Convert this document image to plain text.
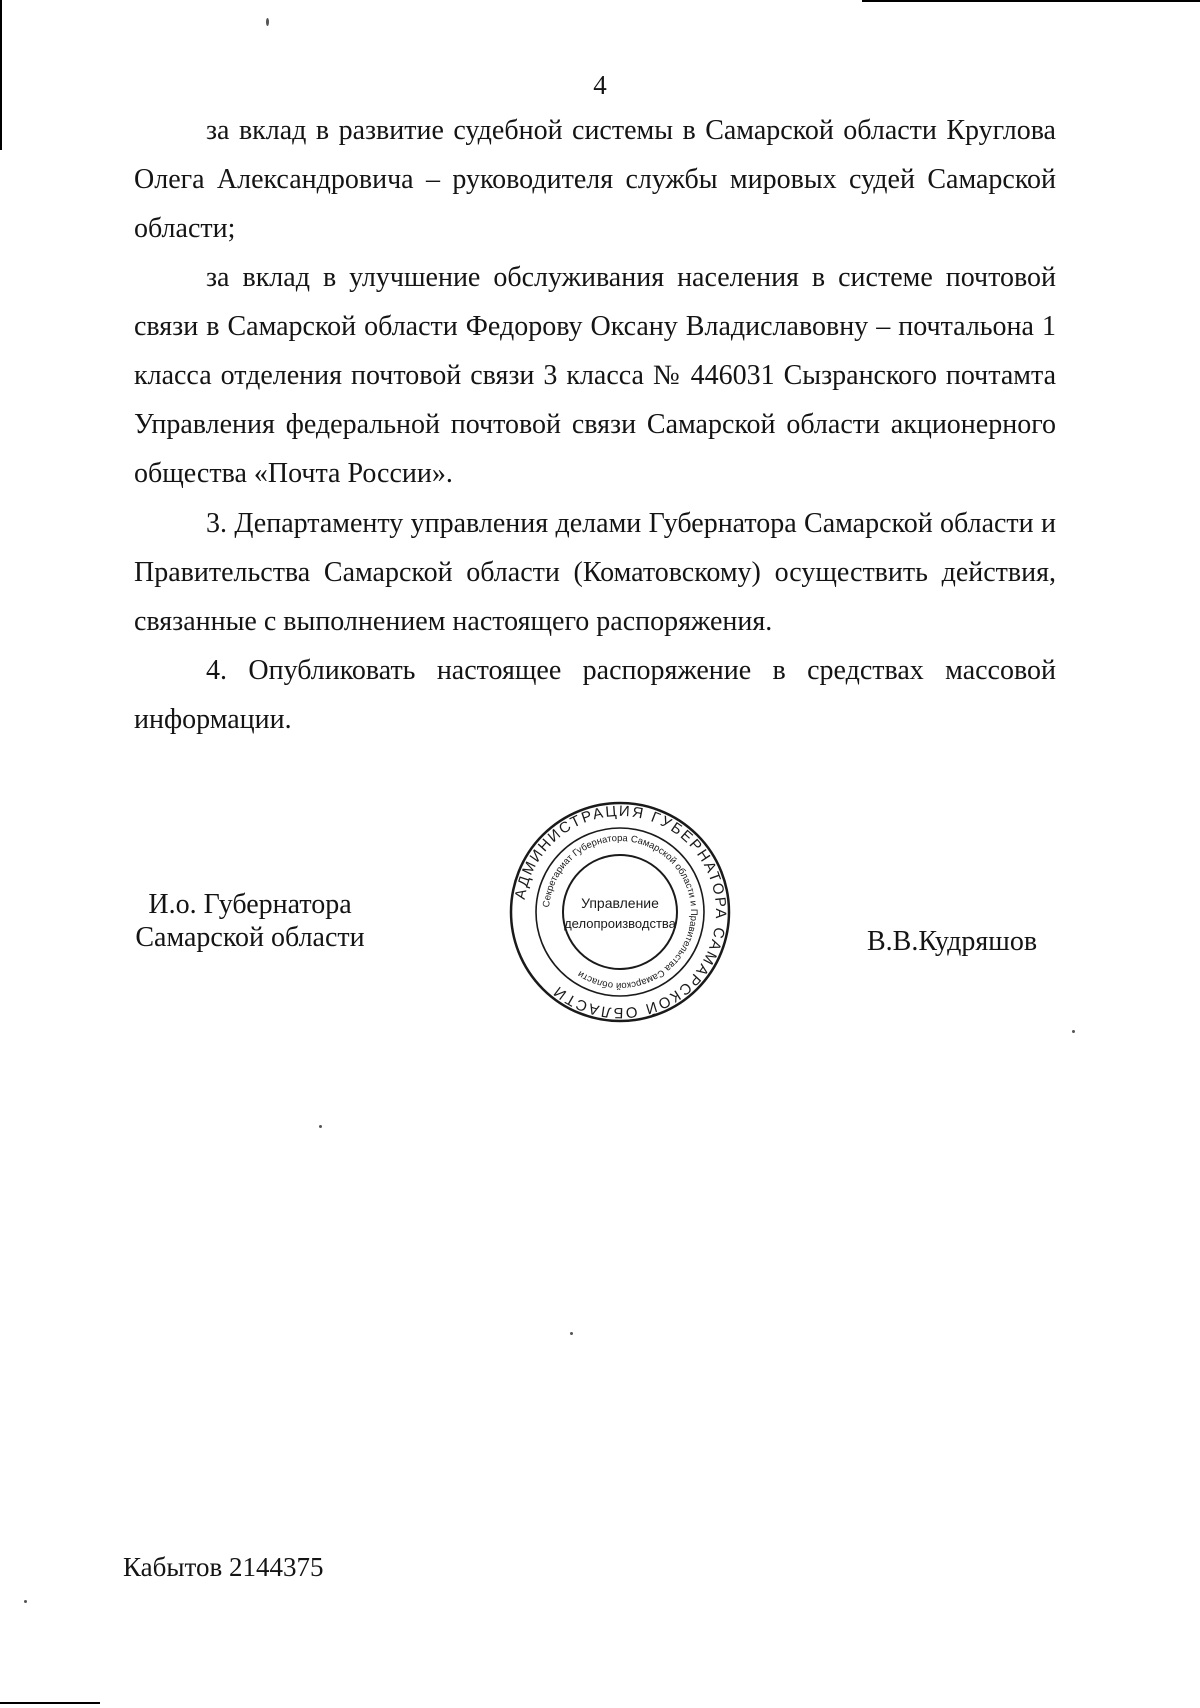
4
за вклад в развитие судебной системы в Самарской области Круглова Олега Александровича – руководителя службы мировых судей Самарской области;
за вклад в улучшение обслуживания населения в системе почтовой связи в Самарской области Федорову Оксану Владиславовну – почтальона 1 класса отделения почтовой связи 3 класса № 446031 Сызранского почтамта Управления федеральной почтовой связи Самарской области акционерного общества «Почта России».
3. Департаменту управления делами Губернатора Самарской области и Правительства Самарской области (Коматовскому) осуществить действия, связанные с выполнением настоящего распоряжения.
4. Опубликовать настоящее распоряжение в средствах массовой информации.
И.о. Губернатора
Самарской области
АДМИНИСТРАЦИЯ ГУБЕРНАТОРА САМАРСКОЙ ОБЛАСТИ
Секретариат Губернатора Самарской области и Правительства Самарской области
Управление
делопроизводства
В.В.Кудряшов
Кабытов 2144375
